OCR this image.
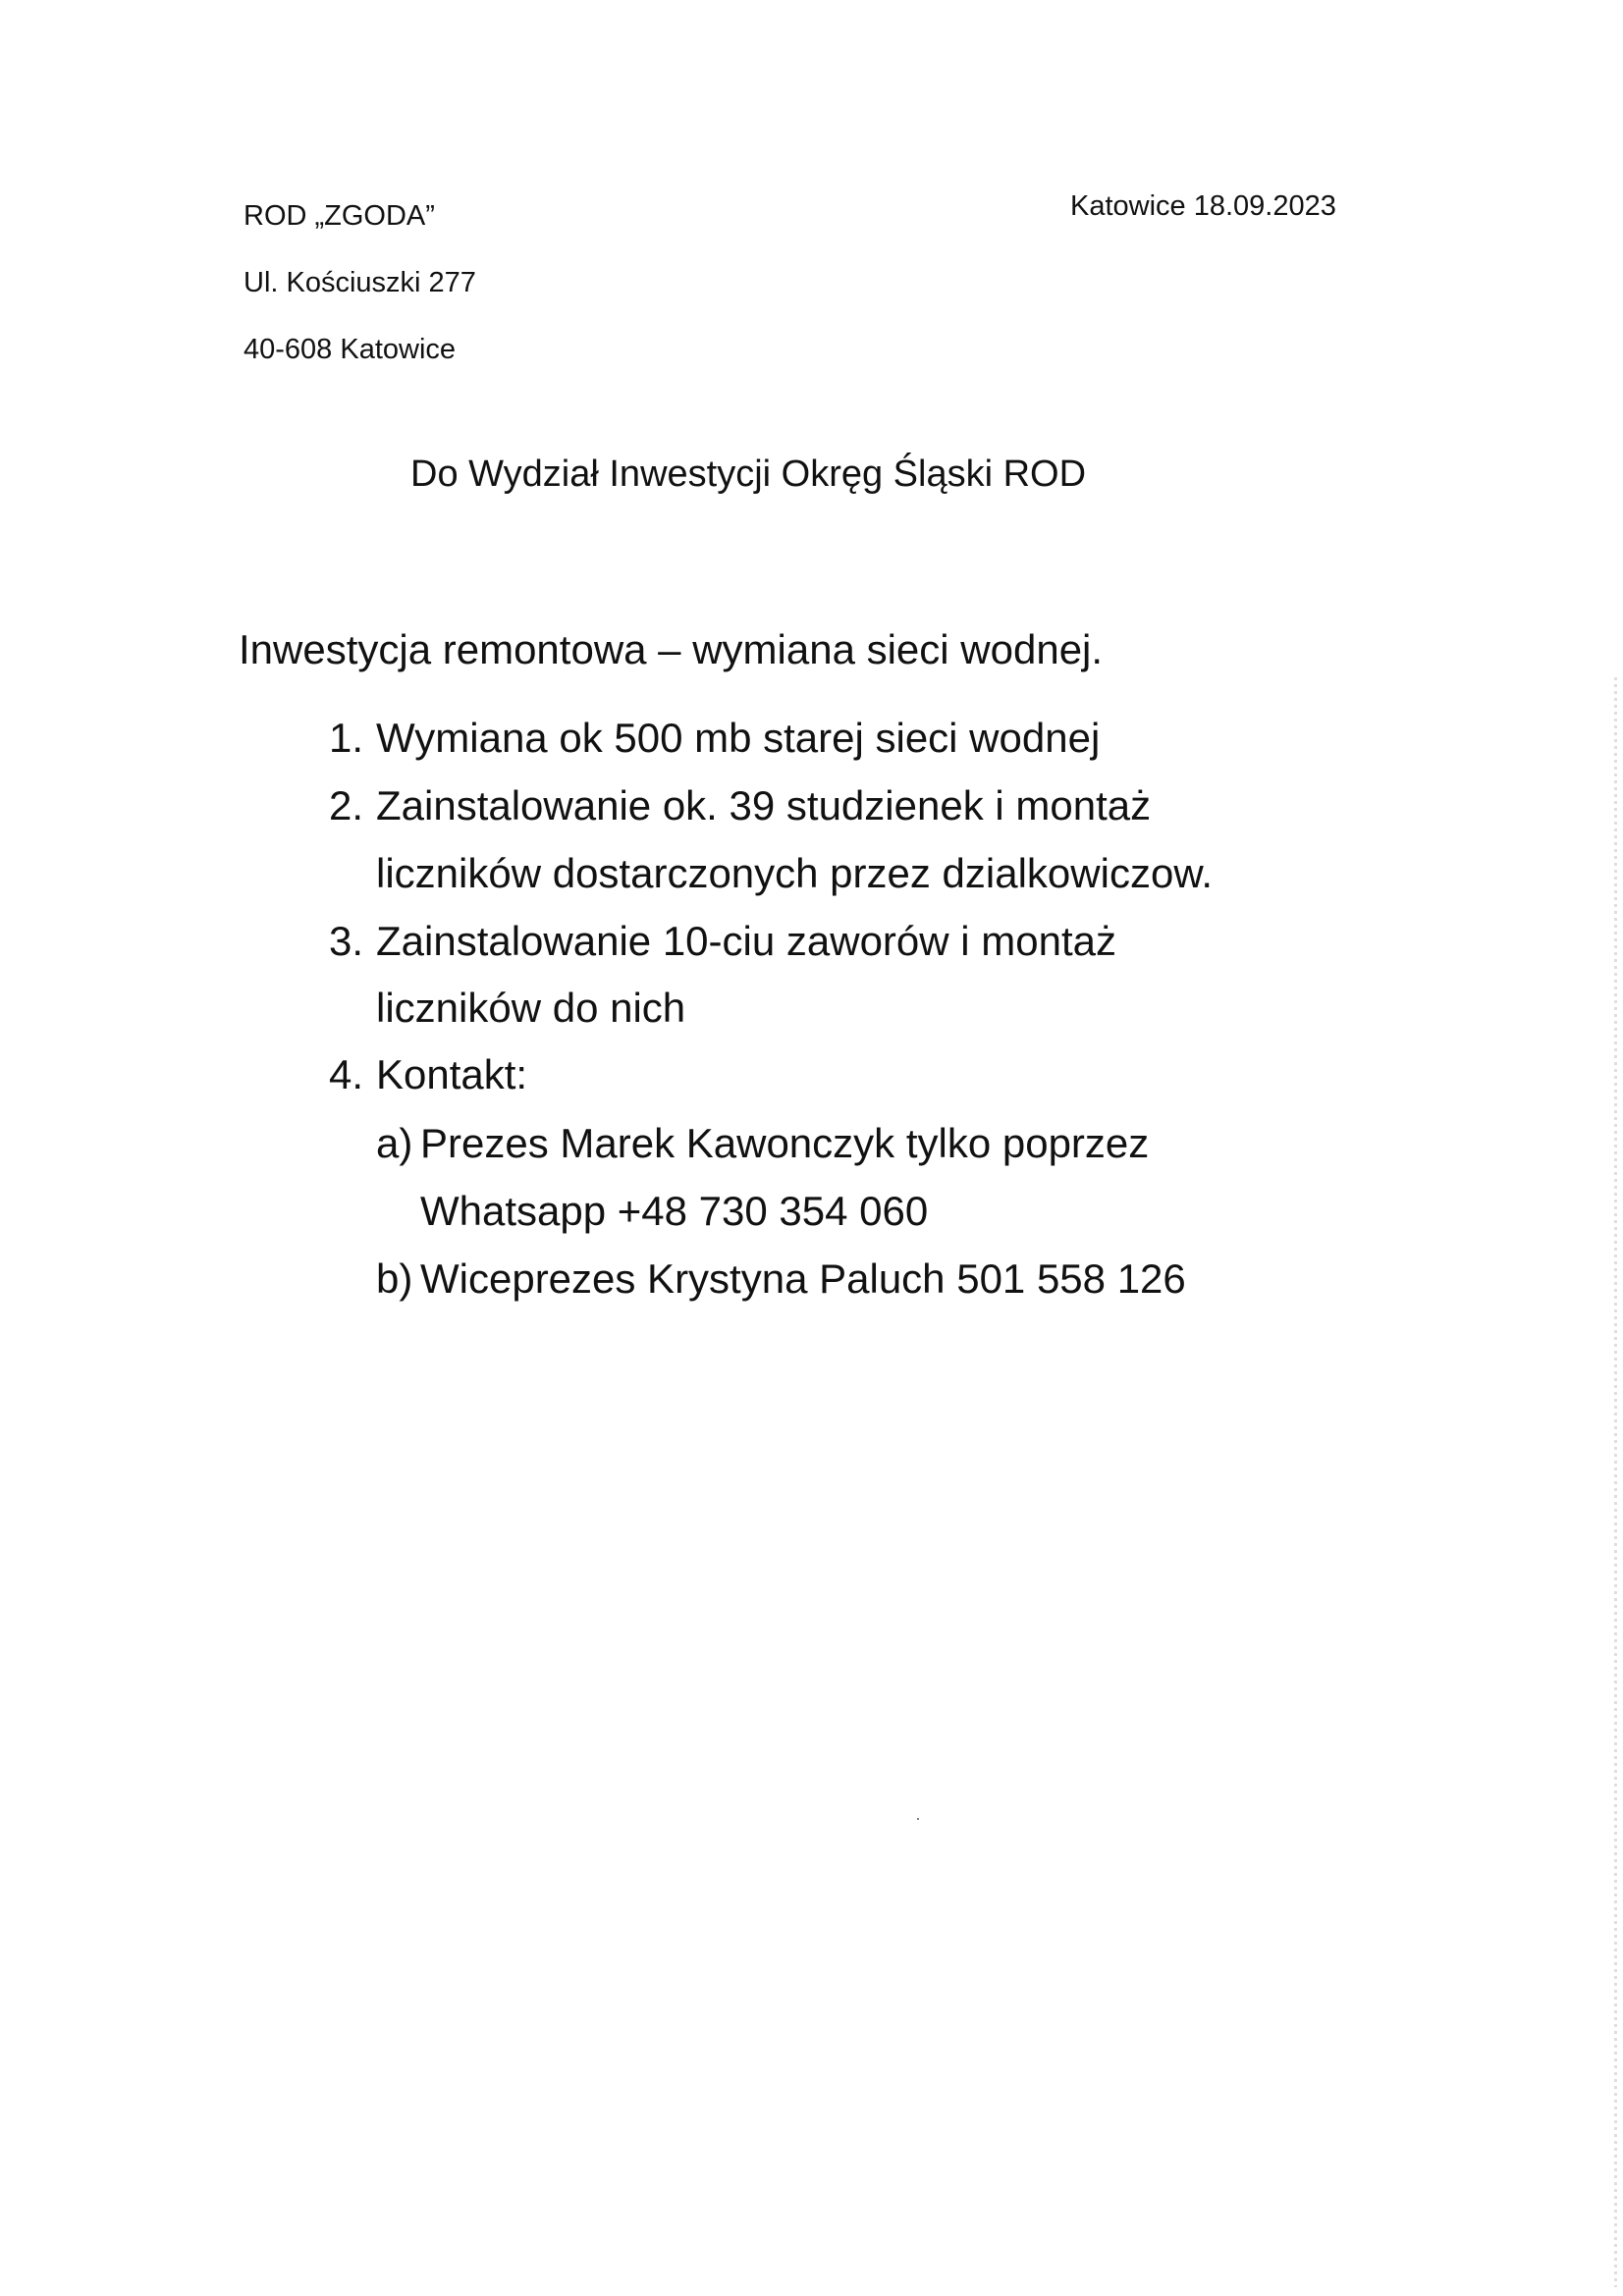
ROD „ZGODA”
Ul. Kościuszki 277
40-608 Katowice
Katowice 18.09.2023
Do Wydział Inwestycji Okręg Śląski ROD
Inwestycja remontowa – wymiana sieci wodnej.
1. Wymiana ok 500 mb starej sieci wodnej
2. Zainstalowanie ok. 39 studzienek i montaż
liczników dostarczonych przez dzialkowiczow.
3. Zainstalowanie 10-ciu zaworów i montaż
liczników do nich
4. Kontakt:
a) Prezes Marek Kawonczyk tylko poprzez
Whatsapp +48 730 354 060
b) Wiceprezes Krystyna Paluch 501 558 126
